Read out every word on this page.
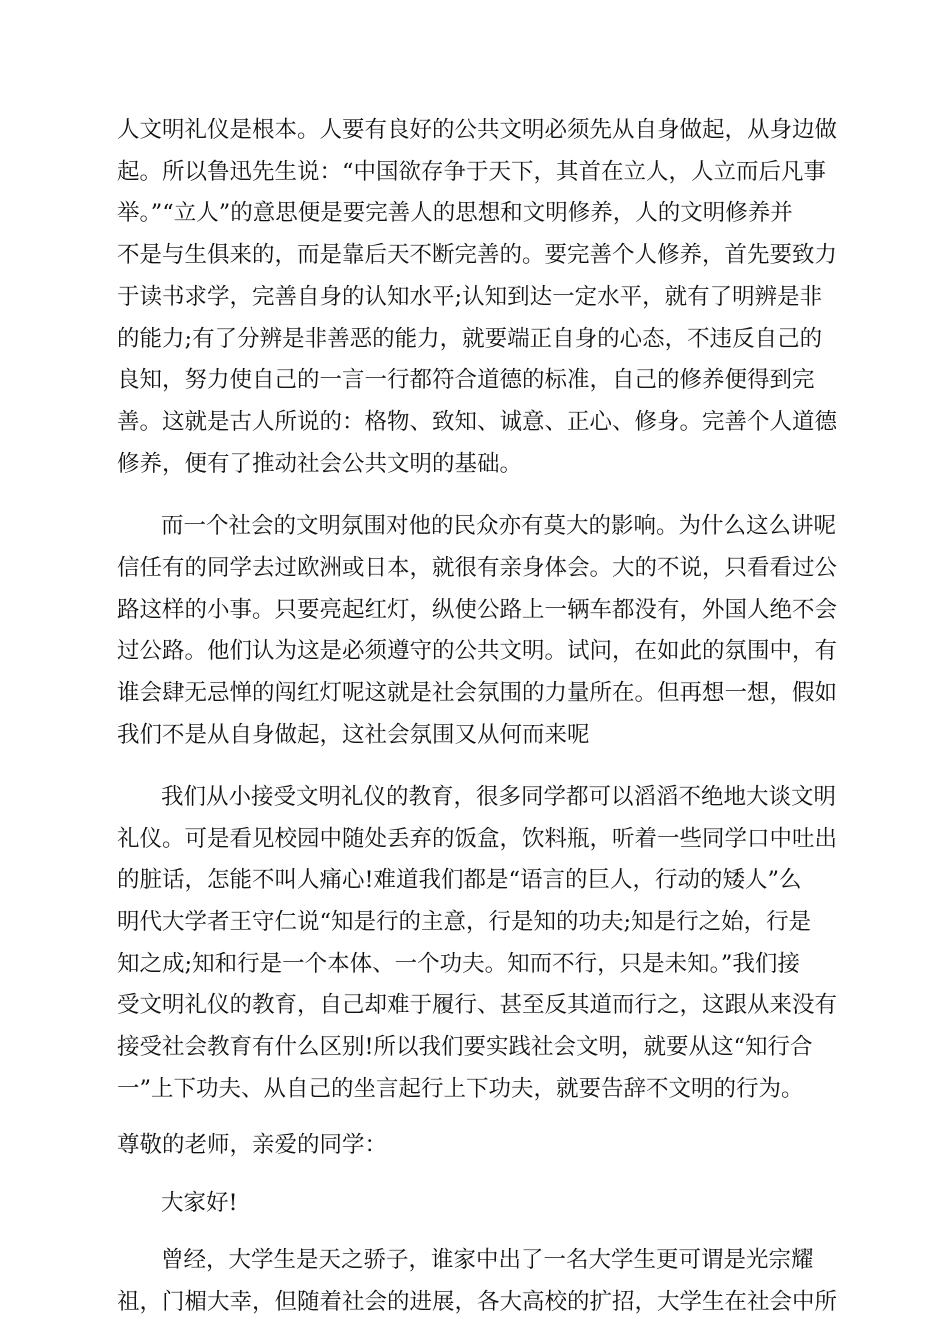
人文明礼仪是根本。人要有良好的公共文明必须先从自身做起，从身边做

起。所以鲁迅先生说：“中国欲存争于天下，其首在立人，人立而后凡事

举。”“立人”的意思便是要完善人的思想和文明修养，人的文明修养并

不是与生俱来的，而是靠后天不断完善的。要完善个人修养，首先要致力

于读书求学，完善自身的认知水平;认知到达一定水平，就有了明辨是非

的能力;有了分辨是非善恶的能力，就要端正自身的心态，不违反自己的

良知，努力使自己的一言一行都符合道德的标准，自己的修养便得到完

善。这就是古人所说的：格物、致知、诚意、正心、修身。完善个人道德

修养，便有了推动社会公共文明的基础。

而一个社会的文明氛围对他的民众亦有莫大的影响。为什么这么讲呢

信任有的同学去过欧洲或日本，就很有亲身体会。大的不说，只看看过公

路这样的小事。只要亮起红灯，纵使公路上一辆车都没有，外国人绝不会

过公路。他们认为这是必须遵守的公共文明。试问，在如此的氛围中，有

谁会肆无忌惮的闯红灯呢这就是社会氛围的力量所在。但再想一想，假如

我们不是从自身做起，这社会氛围又从何而来呢

我们从小接受文明礼仪的教育，很多同学都可以滔滔不绝地大谈文明

礼仪。可是看见校园中随处丢弃的饭盒，饮料瓶，听着一些同学口中吐出

的脏话，怎能不叫人痛心!难道我们都是“语言的巨人，行动的矮人”么

明代大学者王守仁说“知是行的主意，行是知的功夫;知是行之始，行是

知之成;知和行是一个本体、一个功夫。知而不行，只是未知。”我们接

受文明礼仪的教育，自己却难于履行、甚至反其道而行之，这跟从来没有

接受社会教育有什么区别!所以我们要实践社会文明，就要从这“知行合

一”上下功夫、从自己的坐言起行上下功夫，就要告辞不文明的行为。

尊敬的老师，亲爱的同学：

大家好!

曾经，大学生是天之骄子，谁家中出了一名大学生更可谓是光宗耀

祖，门楣大幸，但随着社会的进展，各大高校的扩招，大学生在社会中所
